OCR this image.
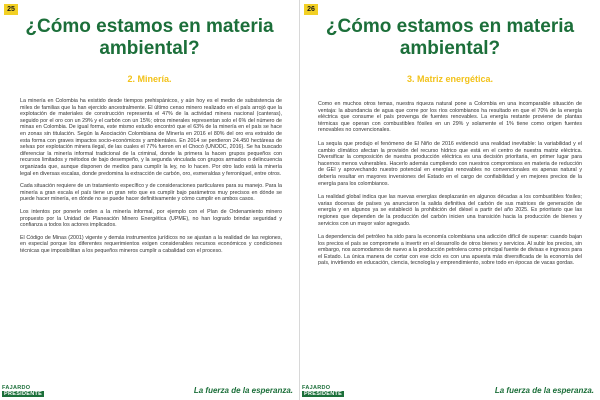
25
¿Cómo estamos en materia
ambiental?
2. Minería.

La minería en Colombia ha existido desde tiempos prehispánicos, y aún hoy es el medio de subsistencia de miles de familias que la han ejercido ancestralmente. El último censo minero realizado en el país arrojó que la explotación de materiales de construcción representa el 47% de la actividad minera nacional (canteras), seguido por el oro con un 29% y el carbón con un 15%; otros minerales representan solo el 6% del número de minas en Colombia. De igual forma, este mismo estudio encontró que el 63% de la minería en el país se hace en zonas sin titulación. Según la Asociación Colombiana de Minería en 2016 el 80% del oro era extraído de esta forma con graves impactos socio-económicos y ambientales. En 2014 se perdieron 24.450 hectáreas de selvas por explotación minera ilegal, de las cuales el 77% fueron en el Chocó (UNODC, 2016). Se ha buscado diferenciar la minería informal tradicional de la criminal, donde la primera la hacen grupos pequeños con recursos limitados y métodos de bajo desempeño, y la segunda vinculada con grupos armados o delincuencia organizada que, aunque disponen de medios para cumplir la ley, no lo hacen. Por otro lado está la minería legal en diversas escalas, donde predomina la extracción de carbón, oro, esmeraldas y ferroníquel, entre otros.

Cada situación requiere de un tratamiento específico y de consideraciones particulares para su manejo. Para la minería a gran escala el país tiene un gran reto que es cumplir bajo parámetros muy precisos en dónde se puede hacer minería, en dónde no se puede hacer definitivamente y cómo cumplir en ambos casos.

Los intentos por ponerle orden a la minería informal, por ejemplo con el Plan de Ordenamiento minero propuesto por la Unidad de Planeación Minero Energética (UPME), no han logrado brindar seguridad y confianza a todos los actores implicados.

El Código de Minas (2001) vigente y demás instrumentos jurídicos no se ajustan a la realidad de las regiones, en especial porque los diferentes requerimientos exigen considerables recursos económicos y condiciones técnicas que imposibilitan a los pequeños mineros cumplir a cabalidad con el proceso.

FAJARDO
PRESIDENTE	La fuerza de la esperanza.

26
¿Cómo estamos en materia
ambiental?
3. Matriz energética.

Como en muchos otros temas, nuestra riqueza natural pone a Colombia en una incomparable situación de ventaja: la abundancia de agua que corre por los ríos colombianos ha resultado en que el 70% de la energía eléctrica que consume el país provenga de fuentes renovables. La energía restante proviene de plantas térmicas que operan con combustibles fósiles en un 29% y solamente el 1% tiene como origen fuentes renovables no convencionales.

La sequía que produjo el fenómeno de El Niño de 2016 evidenció una realidad inevitable: la variabilidad y el cambio climático afectan la provisión del recurso hídrico que está en el centro de nuestra matriz eléctrica. Diversificar la composición de nuestra producción eléctrica es una decisión prioritaria, en primer lugar para hacernos menos vulnerables. Hacerlo además cumpliendo con nuestros compromisos en materia de reducción de GEI y aprovechando nuestro potencial en energías renovables no convencionales es apenas natural y debería resultar en mayores inversiones del Estado en el cargo de confiabilidad y en mejores precios de la energía para los colombianos.

La realidad global indica que las nuevas energías desplazarán en algunos décadas a los combustibles fósiles; varias docenas de países ya anunciaron la salida definitiva del carbón de sus matrices de generación de energía y en algunos ya se estableció la prohibición del diésel a partir del año 2025. Es prioritario que las regiones que dependen de la producción del carbón inicien una transición hacia la producción de bienes y servicios con un mayor valor agregado.

La dependencia del petróleo ha sido para la economía colombiana una adicción difícil de superar: cuando bajan los precios el país se compromete a invertir en el desarrollo de otros bienes y servicios. Al subir los precios, sin embargo, nos acomodamos de nuevo a la producción petrolera como principal fuente de divisas e ingresos para el Estado. La única manera de cortar con ese ciclo es con una apuesta más diversificada de la economía del país, invirtiendo en educación, ciencia, tecnología y emprendimiento, sobre todo en épocas de vacas gordas.

FAJARDO
PRESIDENTE	La fuerza de la esperanza.
